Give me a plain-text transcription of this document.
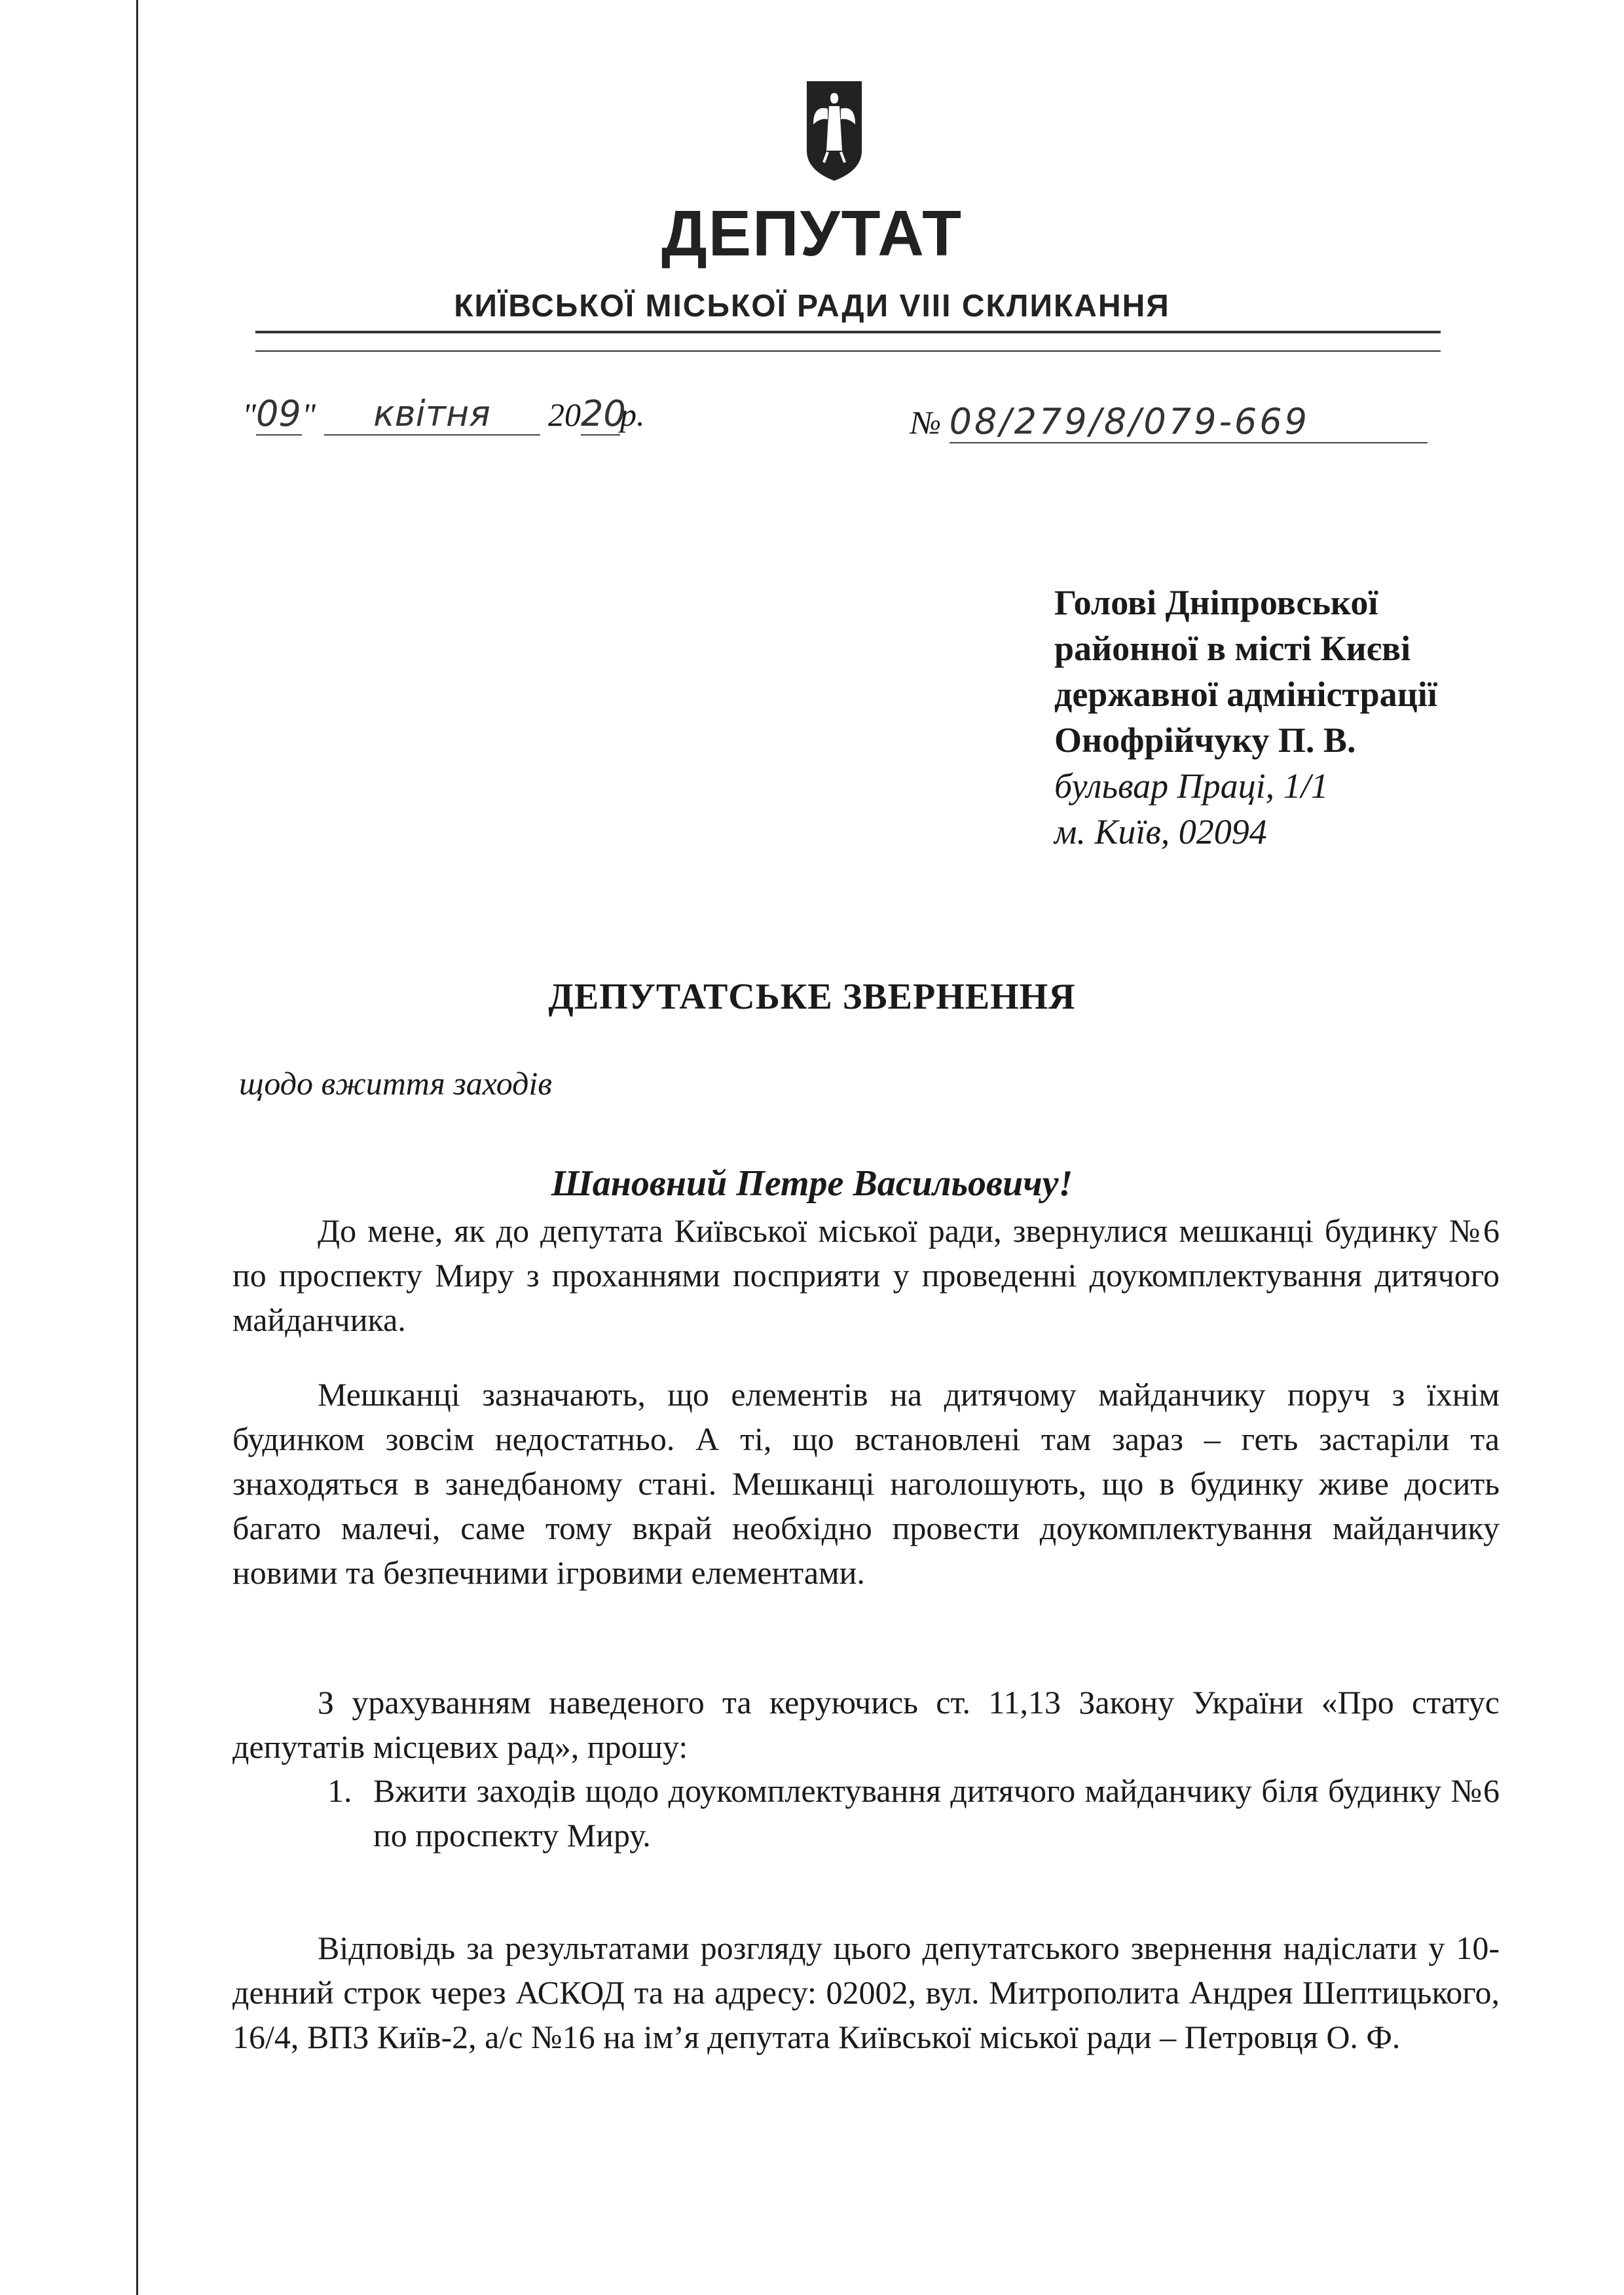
ДЕПУТАТ
КИЇВСЬКОЇ МІСЬКОЇ РАДИ VIII СКЛИКАННЯ
"09" квітня 2020р.	№ 08/279/8/079-669
Голові Дніпровської
районної в місті Києві
державної адміністрації
Онофрійчуку П. В.
бульвар Праці, 1/1
м. Київ, 02094
ДЕПУТАТСЬКЕ ЗВЕРНЕННЯ
щодо вжиття заходів
Шановний Петре Васильовичу!

До мене, як до депутата Київської міської ради, звернулися мешканці будинку №6 по проспекту Миру з проханнями посприяти у проведенні доукомплектування дитячого майданчика.

Мешканці зазначають, що елементів на дитячому майданчику поруч з їхнім будинком зовсім недостатньо. А ті, що встановлені там зараз – геть застаріли та знаходяться в занедбаному стані. Мешканці наголошують, що в будинку живе досить багато малечі, саме тому вкрай необхідно провести доукомплектування майданчику новими та безпечними ігровими елементами.

З урахуванням наведеного та керуючись ст. 11,13 Закону України «Про статус депутатів місцевих рад», прошу:

1. Вжити заходів щодо доукомплектування дитячого майданчику біля будинку №6 по проспекту Миру.

Відповідь за результатами розгляду цього депутатського звернення надіслати у 10-денний строк через АСКОД та на адресу: 02002, вул. Митрополита Андрея Шептицького, 16/4, ВПЗ Київ-2, а/с №16 на ім’я депутата Київської міської ради – Петровця О. Ф.
